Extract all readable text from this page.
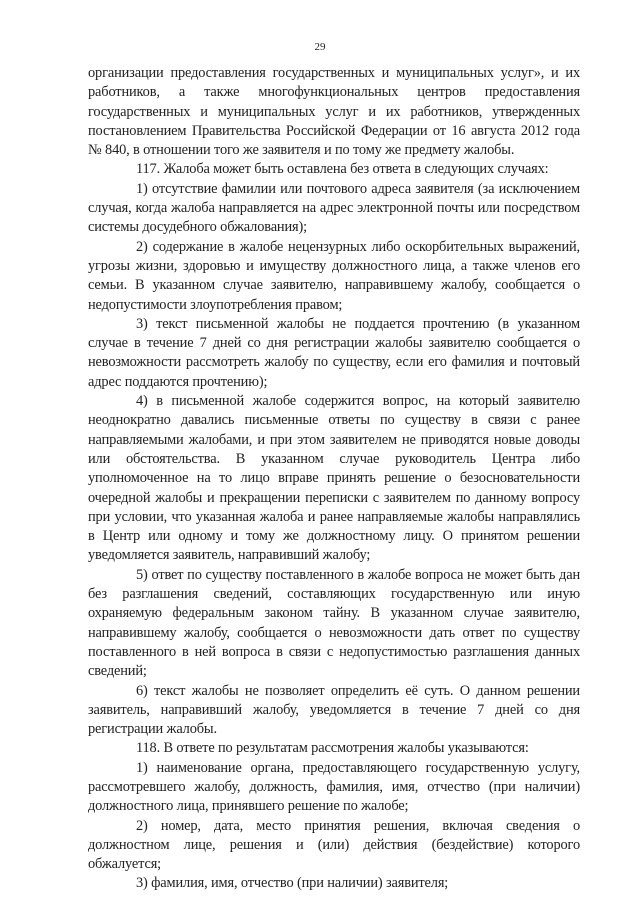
29

организации предоставления государственных и муниципальных услуг», и их работников, а также многофункциональных центров предоставления государственных и муниципальных услуг и их работников, утвержденных постановлением Правительства Российской Федерации от 16 августа 2012 года № 840, в отношении того же заявителя и по тому же предмету жалобы.

117. Жалоба может быть оставлена без ответа в следующих случаях:

1) отсутствие фамилии или почтового адреса заявителя (за исключением случая, когда жалоба направляется на адрес электронной почты или посредством системы досудебного обжалования);

2) содержание в жалобе нецензурных либо оскорбительных выражений, угрозы жизни, здоровью и имуществу должностного лица, а также членов его семьи. В указанном случае заявителю, направившему жалобу, сообщается о недопустимости злоупотребления правом;

3) текст письменной жалобы не поддается прочтению (в указанном случае в течение 7 дней со дня регистрации жалобы заявителю сообщается о невозможности рассмотреть жалобу по существу, если его фамилия и почтовый адрес поддаются прочтению);

4) в письменной жалобе содержится вопрос, на который заявителю неоднократно давались письменные ответы по существу в связи с ранее направляемыми жалобами, и при этом заявителем не приводятся новые доводы или обстоятельства. В указанном случае руководитель Центра либо уполномоченное на то лицо вправе принять решение о безосновательности очередной жалобы и прекращении переписки с заявителем по данному вопросу при условии, что указанная жалоба и ранее направляемые жалобы направлялись в Центр или одному и тому же должностному лицу. О принятом решении уведомляется заявитель, направивший жалобу;

5) ответ по существу поставленного в жалобе вопроса не может быть дан без разглашения сведений, составляющих государственную или иную охраняемую федеральным законом тайну. В указанном случае заявителю, направившему жалобу, сообщается о невозможности дать ответ по существу поставленного в ней вопроса в связи с недопустимостью разглашения данных сведений;

6) текст жалобы не позволяет определить её суть. О данном решении заявитель, направивший жалобу, уведомляется в течение 7 дней со дня регистрации жалобы.

118. В ответе по результатам рассмотрения жалобы указываются:

1) наименование органа, предоставляющего государственную услугу, рассмотревшего жалобу, должность, фамилия, имя, отчество (при наличии) должностного лица, принявшего решение по жалобе;

2) номер, дата, место принятия решения, включая сведения о должностном лице, решения и (или) действия (бездействие) которого обжалуется;

3) фамилия, имя, отчество (при наличии) заявителя;
